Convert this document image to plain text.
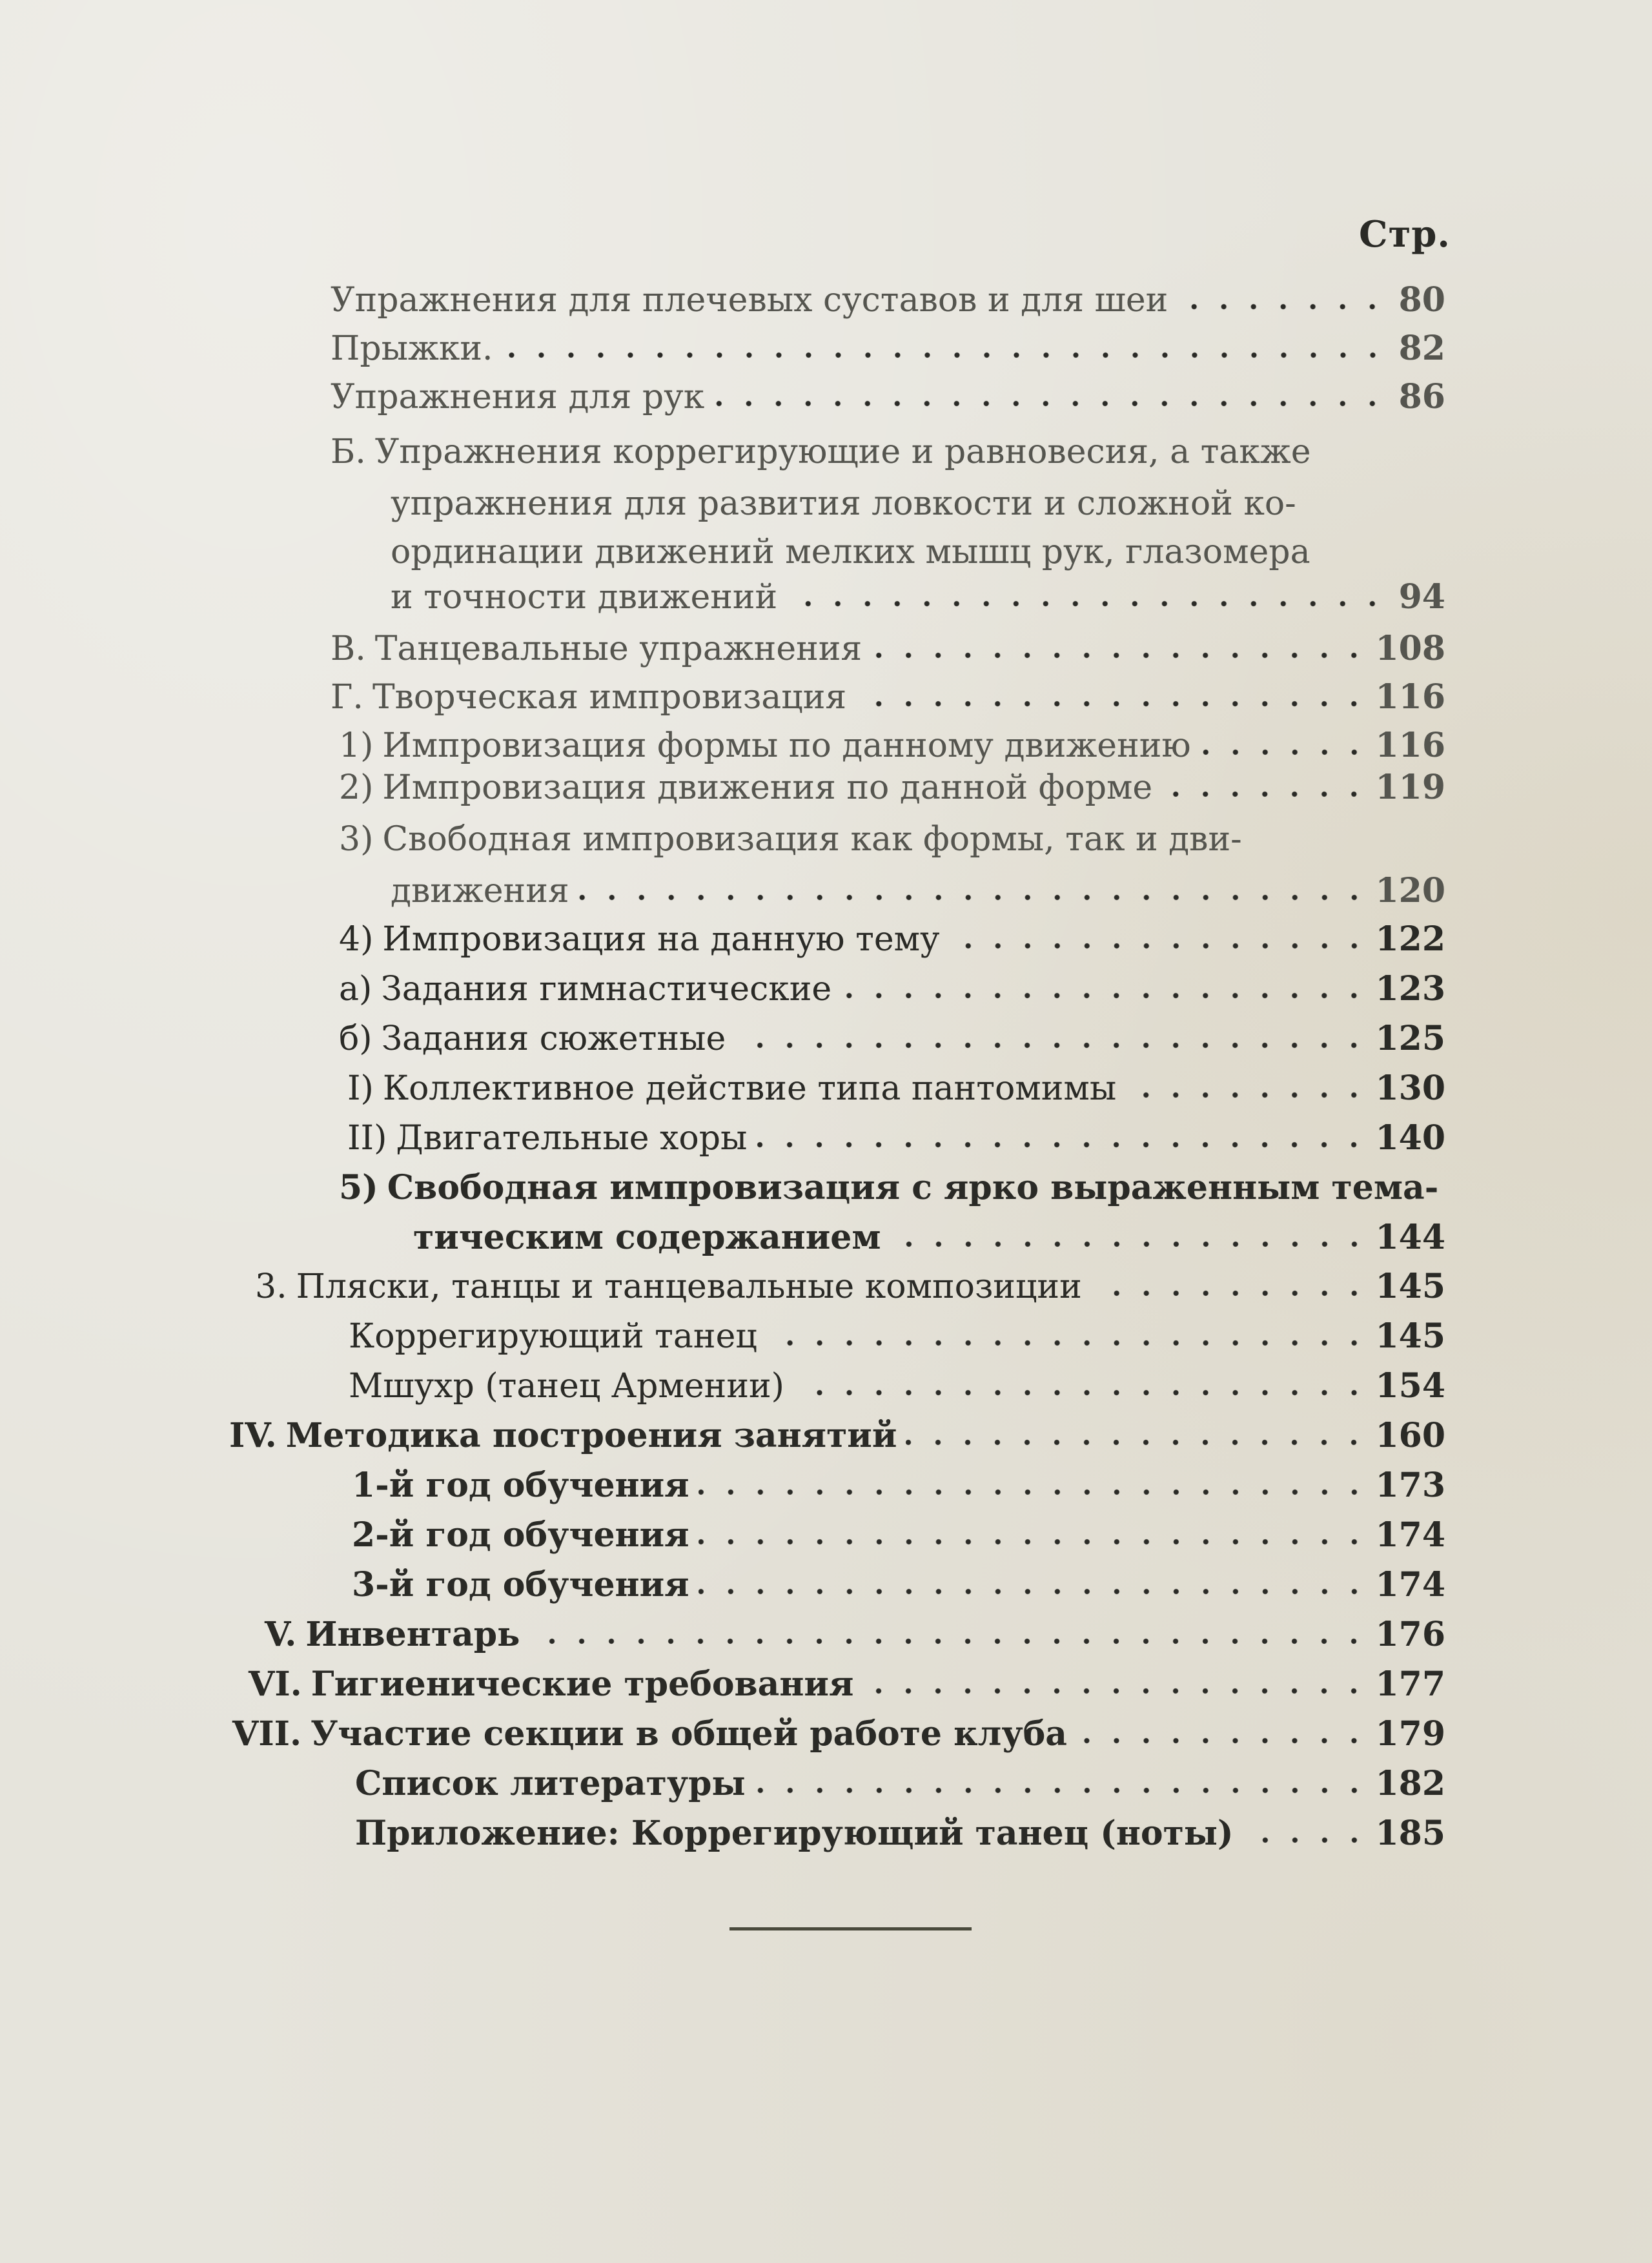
Стр.
Упражнения для плечевых суставов и для шеи	80
Прыжки.	82
Упражнения для рук	86
Б. Упражнения коррегирующие и равновесия, а также
упражнения для развития ловкости и сложной ко-
ординации движений мелких мышц рук, глазомера
и точности движений	94
В. Танцевальные упражнения	108
Г. Творческая импровизация	116
1) Импровизация формы по данному движению	116
2) Импровизация движения по данной форме	119
3) Свободная импровизация как формы, так и дви-
движения	120
4) Импровизация на данную тему	122
а) Задания гимнастические	123
б) Задания сюжетные	125
I) Коллективное действие типа пантомимы	130
II) Двигательные хоры	140
5) Свободная импровизация с ярко выраженным тема-
тическим содержанием	144
3. Пляски, танцы и танцевальные композиции	145
Коррегирующий танец	145
Мшухр (танец Армении)	154
IV. Методика построения занятий	160
1-й год обучения	173
2-й год обучения	174
3-й год обучения	174
V. Инвентарь	176
VI. Гигиенические требования	177
VII. Участие секции в общей работе клуба	179
Список литературы	182
Приложение: Коррегирующий танец (ноты)	185
